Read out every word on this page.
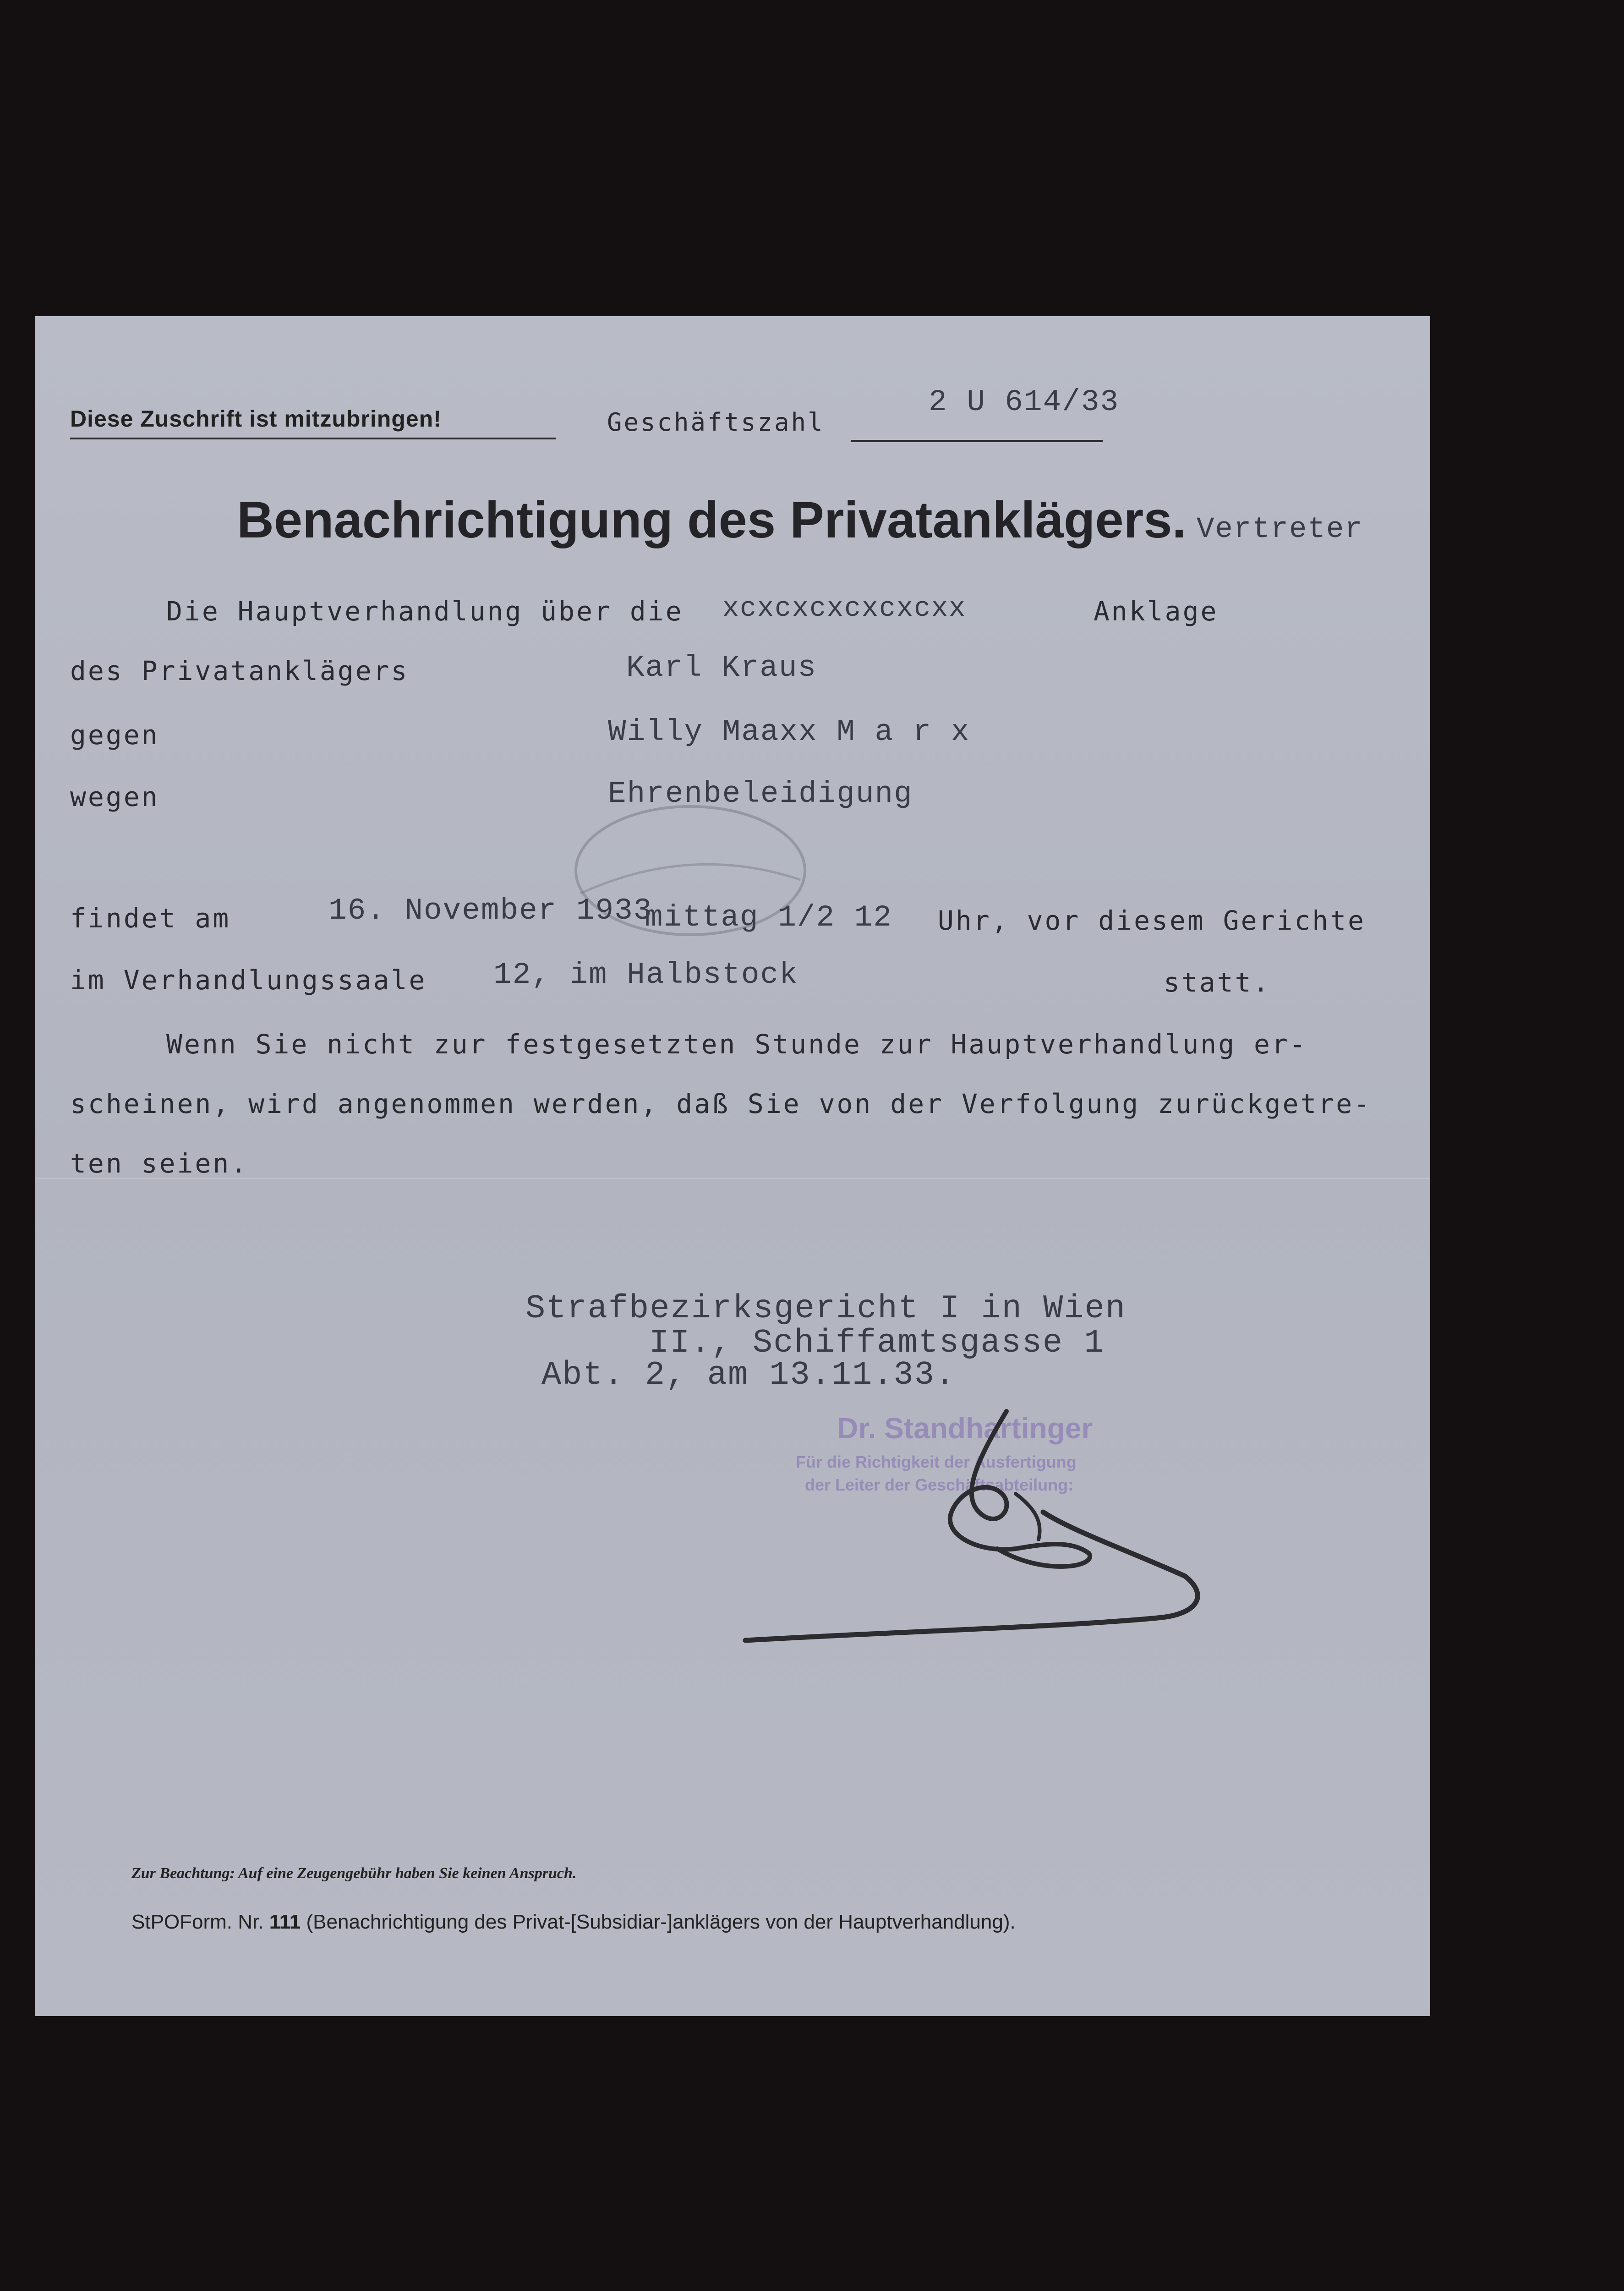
Diese Zuschrift ist mitzubringen!	Geschäftszahl
2 U 614/33
Benachrichtigung des Privatanklägers. Vertreter
Die Hauptverhandlung über die xcxcxcxcxcxcxx	Anklage
des Privatanklägers	Karl Kraus
gegen	Willy Maaxx M a r x
wegen	Ehrenbeleidigung
findet am	16. November 1933
mittag 1/2 12 Uhr, vor diesem Gerichte
im Verhandlungssaale 12, im Halbstock	statt.
Wenn Sie nicht zur festgesetzten Stunde zur Hauptverhandlung er-
scheinen, wird angenommen werden, daß Sie von der Verfolgung zurückgetre-
ten seien.
Strafbezirksgericht I in Wien
II., Schiffamtsgasse 1
Abt. 2, am 13.11.33.
Dr. Standhartinger
Für die Richtigkeit der Ausfertigung
der Leiter der Geschäftsabteilung:
Zur Beachtung: Auf eine Zeugengebühr haben Sie keinen Anspruch.
StPOForm. Nr. 111 (Benachrichtigung des Privat-[Subsidiar-]anklägers von der Hauptverhandlung).
